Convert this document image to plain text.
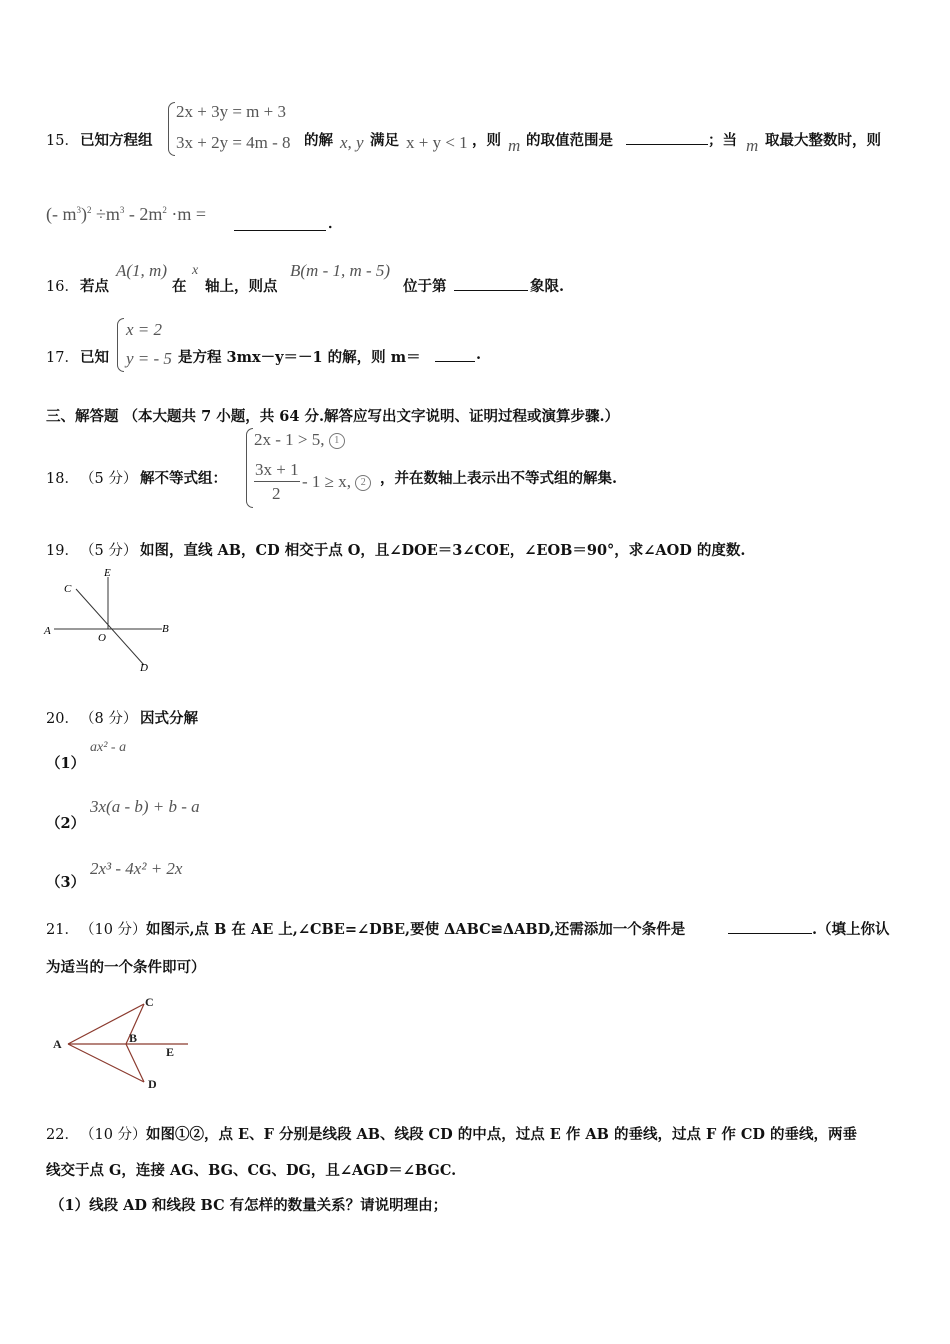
15． 已知方程组
2x + 3y = m + 3
3x + 2y = 4m - 8 的解 x, y 满足 x + y < 1 ，则 m 的取值范围是	；当 m 取最大整数时，则
(- $m^3)^2 \div m^3 - 2m^2 \cdot m$ =	．
16． 若点
A(1, m)
在
x
轴上，则点
B(m - 1, m - 5)
位于第	象限.
17． 已知
x = 2
y = - 5 是方程 3mx－y＝－1 的解，则 m＝	.
三、解答题 （本大题共 7 小题，共 64 分.解答应写出文字说明、证明过程或演算步骤.）
18． （5 分） 解不等式组：
2x - 1 > 5, 1
3x + 1
2
- 1 ≥ x, 2 ，并在数轴上表示出不等式组的解集.
19． （5 分） 如图，直线 AB，CD 相交于点 O，且∠DOE＝3∠COE，∠EOB＝90°，求∠AOD 的度数.
C
E
A
O
B
D
20． （8 分） 因式分解
（1）
ax² - a
（2）
3x(a - b) + b - a
（3）
2x³ - 4x² + 2x
21． （10 分） 如图示,点 B 在 AE 上,∠CBE=∠DBE,要使 ΔABC≌ΔABD,还需添加一个条件是	.（填上你认
为适当的一个条件即可）
C
A	B
E
D
22． （10 分） 如图①②，点 E、F 分别是线段 AB、线段 CD 的中点，过点 E 作 AB 的垂线，过点 F 作 CD 的垂线，两垂
线交于点 G，连接 AG、BG、CG、DG，且∠AGD＝∠BGC.
（1）线段 AD 和线段 BC 有怎样的数量关系？请说明理由；
